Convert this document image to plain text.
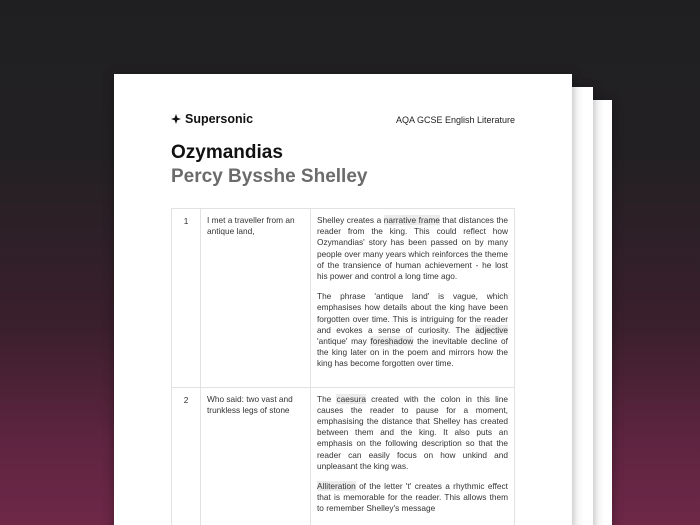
Supersonic	AQA GCSE English Literature
Ozymandias
Percy Bysshe Shelley
1	I met a traveller from an antique land,	Shelley creates a narrative frame that distances the reader from the king. This could reflect how Ozymandias' story has been passed on by many people over many years which reinforces the theme of the transience of human achievement - he lost his power and control a long time ago.

The phrase 'antique land' is vague, which emphasises how details about the king have been forgotten over time. This is intriguing for the reader and evokes a sense of curiosity. The adjective 'antique' may foreshadow the inevitable decline of the king later on in the poem and mirrors how the king has become forgotten over time.

2	Who said: two vast and trunkless legs of stone	The caesura created with the colon in this line causes the reader to pause for a moment, emphasising the distance that Shelley has created between them and the king. It also puts an emphasis on the following description so that the reader can easily focus on how unkind and unpleasant the king was.

Alliteration of the letter 't' creates a rhythmic effect that is memorable for the reader. This allows them to remember Shelley's message
